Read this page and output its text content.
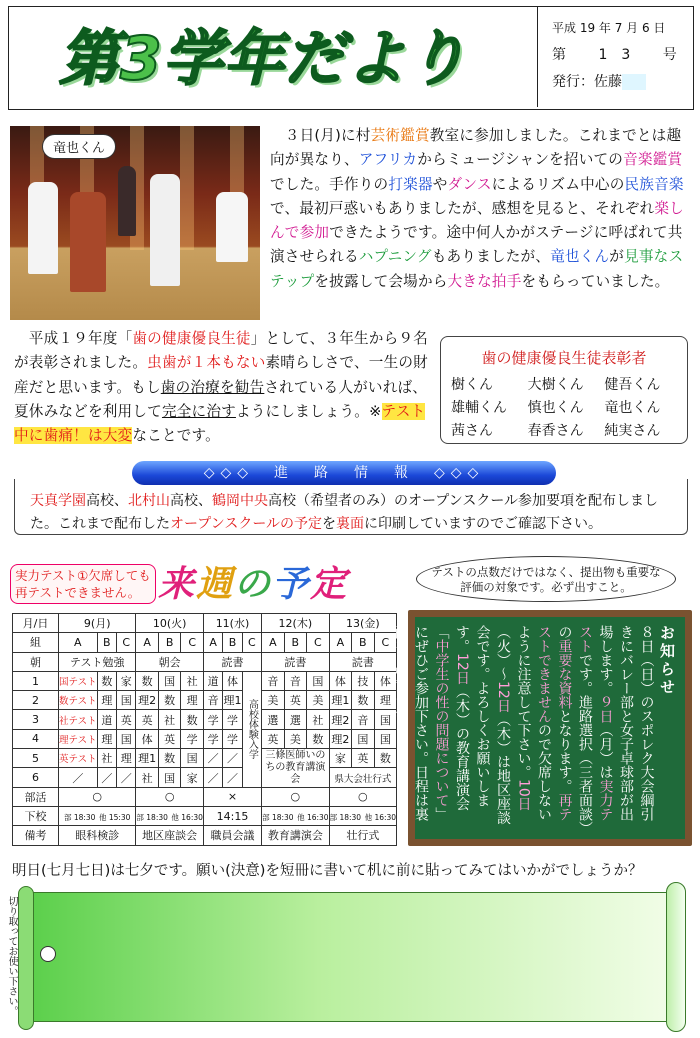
第3学年だより	平成 19 年 7 月 6 日
第 13 号
発行：佐藤
竜也くん
　３日(月)に村芸術鑑賞教室に参加しました。これまでとは趣向が異なり、アフリカからミュージシャンを招いての音楽鑑賞でした。手作りの打楽器やダンスによるリズム中心の民族音楽で、最初戸惑いもありましたが、感想を見ると、それぞれ楽しんで参加できたようです。途中何人かがステージに呼ばれて共演させられるハプニングもありましたが、竜也くんが見事なステップを披露して会場から大きな拍手をもらっていました。
　平成１９年度「歯の健康優良生徒」として、３年生から９名が表彰されました。虫歯が１本もない素晴らしさで、一生の財産だと思います。もし歯の治療を勧告されている人がいれば、夏休みなどを利用して完全に治すようにしましょう。※テスト中に歯痛！は大変なことです。
歯の健康優良生徒表彰者
樹くん	大樹くん	健吾くん
雄輔くん	慎也くん	竜也くん
茜さん	春香さん	純実さん
◇◇◇　進　路　情　報　◇◇◇
天真学園高校、北村山高校、鶴岡中央高校（希望者のみ）のオープンスクール参加要項を配布しました。これまで配布したオープンスクールの予定を裏面に印刷していますのでご確認下さい。
実力テスト①欠席しても再テストできません。 来週の予定	テストの点数だけではなく、提出物も重要な評価の対象です。必ず出すこと。
月/日	9(月)			10(火)			11(水)			12(木)			13(金)		
組	A	B	C	A	B	C	A	B	C	A	B	C	A	B	C
朝	テスト勉強			朝会			読書			読書			読書		
1	国テスト	数	家	数	国	社	道	体	高校体験入学	音	音	国	体	技	体
2	数テスト	理	国	理2	数	理	音	理1		美	英	美	理1	数	理
3	社テスト	道	英	英	社	数	学	学		選	選	社	理2	音	国
4	理テスト	理	国	体	英	学	学	学		英	美	数	理2	国	国
5	英テスト	社	理	理1	数	国	／	／		三條医師いのちの教育講演会			家	英	数
6	／	／	／	社	国	家	／	／					県大会壮行式		
部活	○			○			×			○			○		
下校	部 18:30 他 15:30			部 18:30 他 16:30			14:15			部 18:30 他 16:30			部 18:30 他 16:30		
備考	眼科検診			地区座談会			職員会議			教育講演会			壮行式		
お知らせ
８日（日）のスポレク大会綱引きにバレー部と女子卓球部が出場します。９日（月）は実力テストです。進路選択（三者面談）の重要な資料となります。再テストできませんので欠席しないように注意して下さい。10日（火）〜12日（木）は地区座談会です。よろしくお願いします。12日（木）の教育講演会「中学生の性の問題について」にぜひご参加下さい。日程は裏面をご覧下さい。
明日(七月七日)は七夕です。願い(決意)を短冊に書いて机に前に貼ってみてはいかがでしょうか？
切り取ってお使い下さい。
